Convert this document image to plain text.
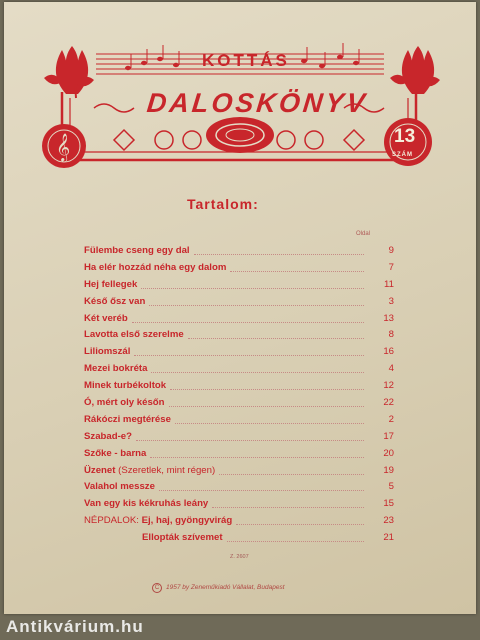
𝄞
KOTTÁS
DALOSKÖNYV
13
SZÁM
Tartalom:
Oldal
Fülembe cseng egy dal	9
Ha elér hozzád néha egy dalom	7
Hej fellegek	11
Késő ősz van	3
Két veréb	13
Lavotta első szerelme	8
Liliomszál	16
Mezei bokréta	4
Minek turbékoltok	12
Ó, mért oly későn	22
Rákóczi megtérése	2
Szabad-e?	17
Szőke - barna	20
Üzenet (Szeretlek, mint régen)	19
Valahol messze	5
Van egy kis kékruhás leány	15
NÉPDALOK: Ej, haj, gyöngyvirág	23
Ellopták szívemet	21
Z. 2607
C 1957 by Zeneműkiadó Vállalat, Budapest
Antikvárium.hu
